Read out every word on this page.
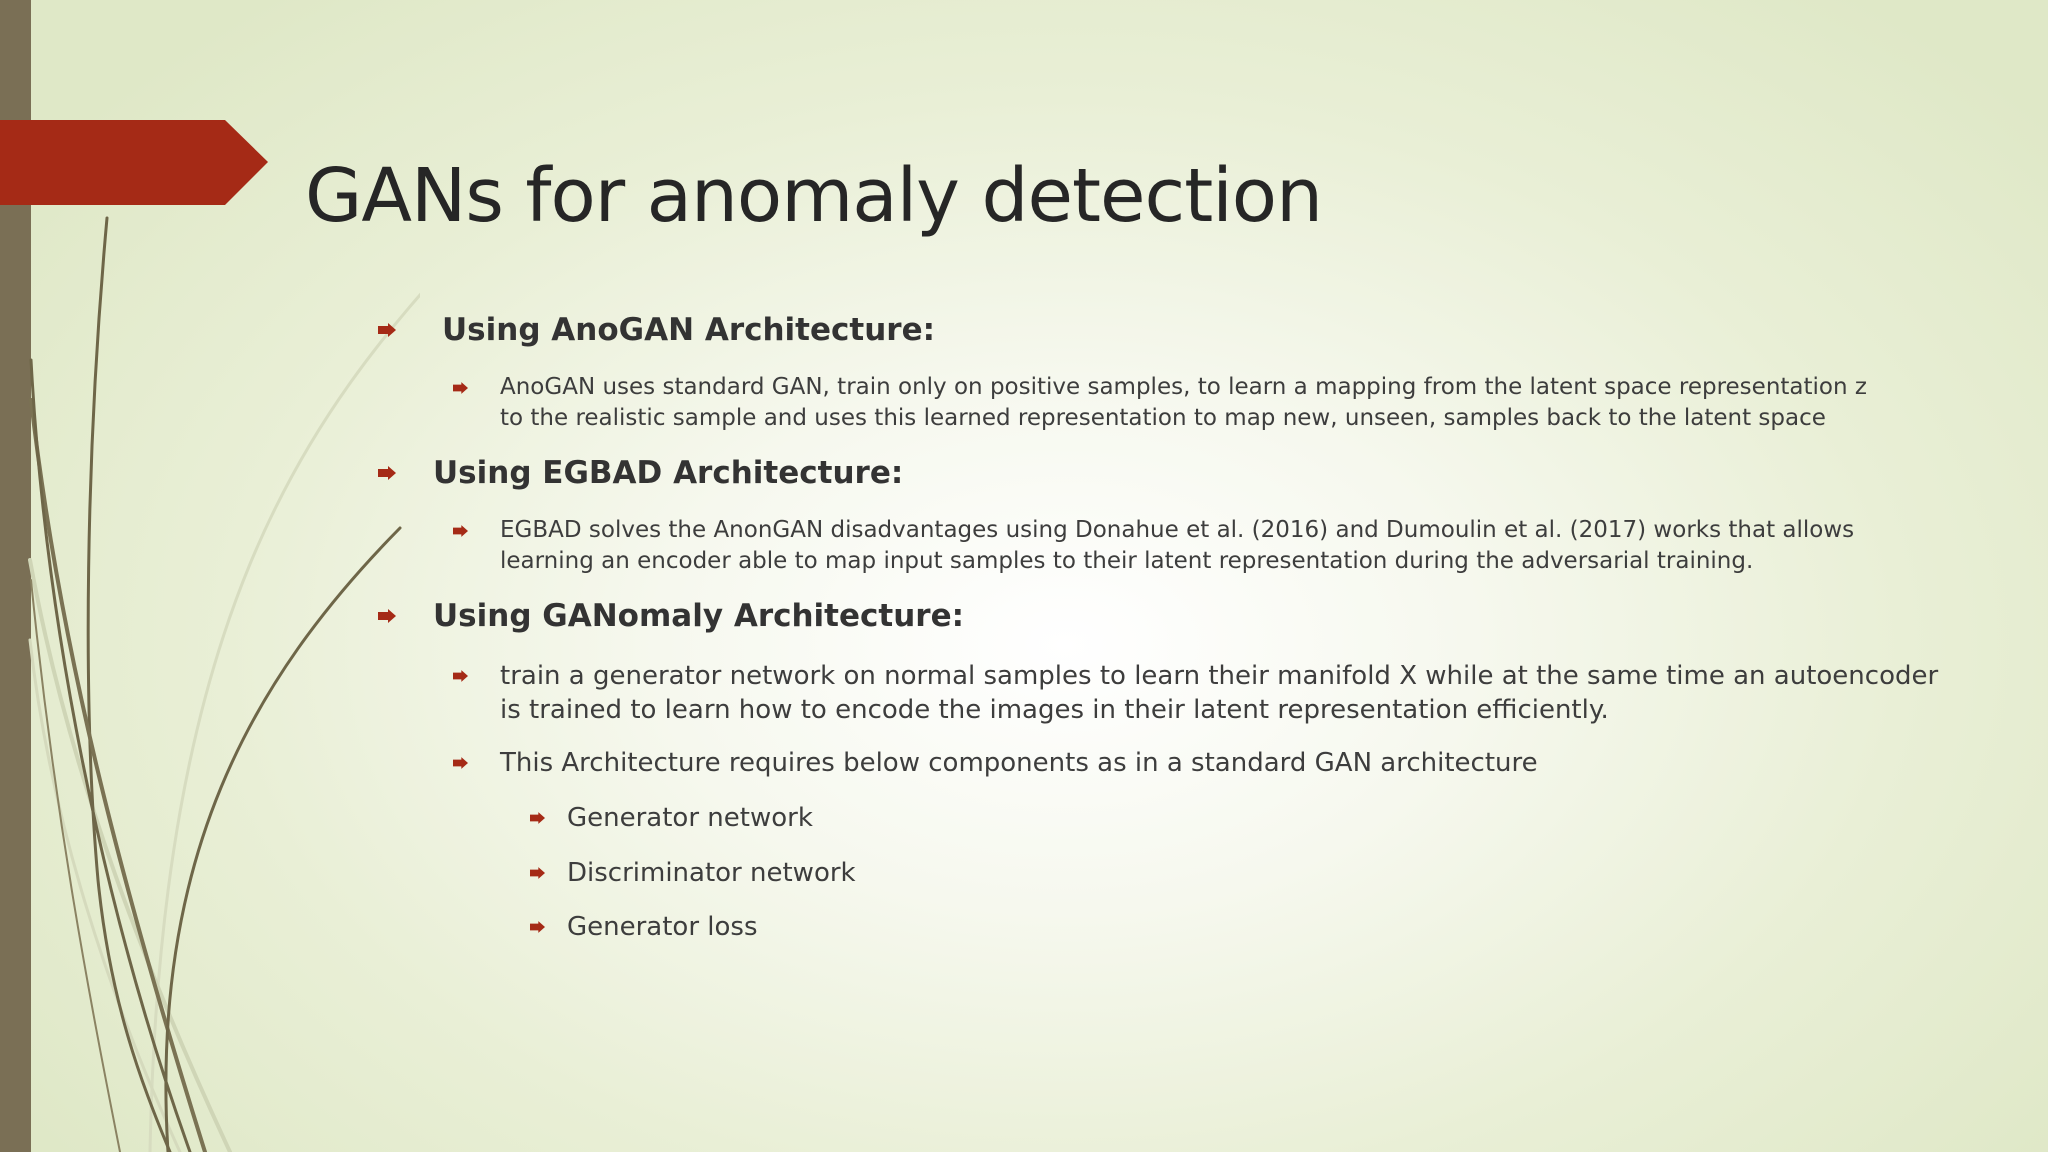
GANs for anomaly detection
Using AnoGAN Architecture:
AnoGAN uses standard GAN, train only on positive samples, to learn a mapping from the latent space representation z
to the realistic sample and uses this learned representation to map new, unseen, samples back to the latent space
Using EGBAD Architecture:
EGBAD solves the AnonGAN disadvantages using Donahue et al. (2016) and Dumoulin et al. (2017) works that allows
learning an encoder able to map input samples to their latent representation during the adversarial training.
Using GANomaly Architecture:
train a generator network on normal samples to learn their manifold X while at the same time an autoencoder
is trained to learn how to encode the images in their latent representation efficiently.
This Architecture requires below components as in a standard GAN architecture
Generator network
Discriminator network
Generator loss
